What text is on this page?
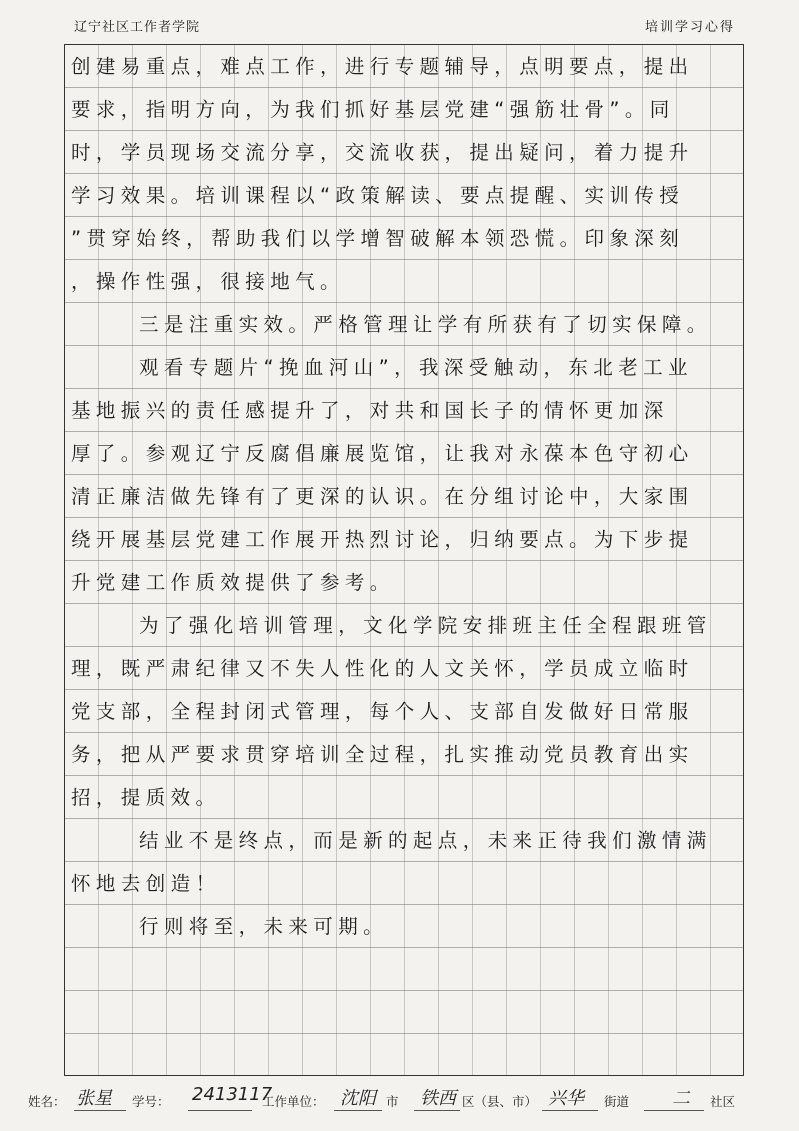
辽宁社区工作者学院	培训学习心得
创建易重点，难点工作，进行专题辅导，点明要点，提出
要求，指明方向，为我们抓好基层党建“强筋壮骨”。同
时，学员现场交流分享，交流收获，提出疑问，着力提升
学习效果。培训课程以“政策解读、要点提醒、实训传授
”贯穿始终，帮助我们以学增智破解本领恐慌。印象深刻
，操作性强，很接地气。
三是注重实效。严格管理让学有所获有了切实保障。
观看专题片“挽血河山”，我深受触动，东北老工业
基地振兴的责任感提升了，对共和国长子的情怀更加深
厚了。参观辽宁反腐倡廉展览馆，让我对永葆本色守初心
清正廉洁做先锋有了更深的认识。在分组讨论中，大家围
绕开展基层党建工作展开热烈讨论，归纳要点。为下步提
升党建工作质效提供了参考。
为了强化培训管理，文化学院安排班主任全程跟班管
理，既严肃纪律又不失人性化的人文关怀，学员成立临时
党支部，全程封闭式管理，每个人、支部自发做好日常服
务，把从严要求贯穿培训全过程，扎实推动党员教育出实
招，提质效。
结业不是终点，而是新的起点，未来正待我们激情满
怀地去创造！
行则将至，未来可期。
姓名： 张星 学号： 2413117
工作单位： 沈阳 市 铁西 区（县、市） 兴华 街道 二 社区
